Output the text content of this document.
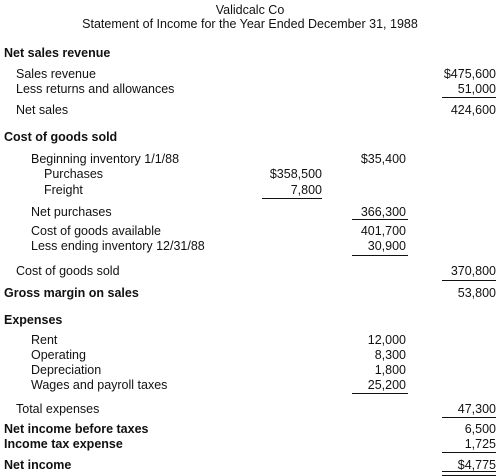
Validcalc Co
Statement of Income for the Year Ended December 31, 1988
Net sales revenue
Sales revenue	$475,600
Less returns and allowances	51,000
Net sales	424,600
Cost of goods sold
Beginning inventory 1/1/88	$35,400
Purchases	$358,500
Freight	7,800
Net purchases	366,300
Cost of goods available	401,700
Less ending inventory 12/31/88	30,900
Cost of goods sold	370,800
Gross margin on sales	53,800
Expenses
Rent	12,000
Operating	8,300
Depreciation	1,800
Wages and payroll taxes	25,200
Total expenses	47,300
Net income before taxes	6,500
Income tax expense	1,725
Net income	$4,775
